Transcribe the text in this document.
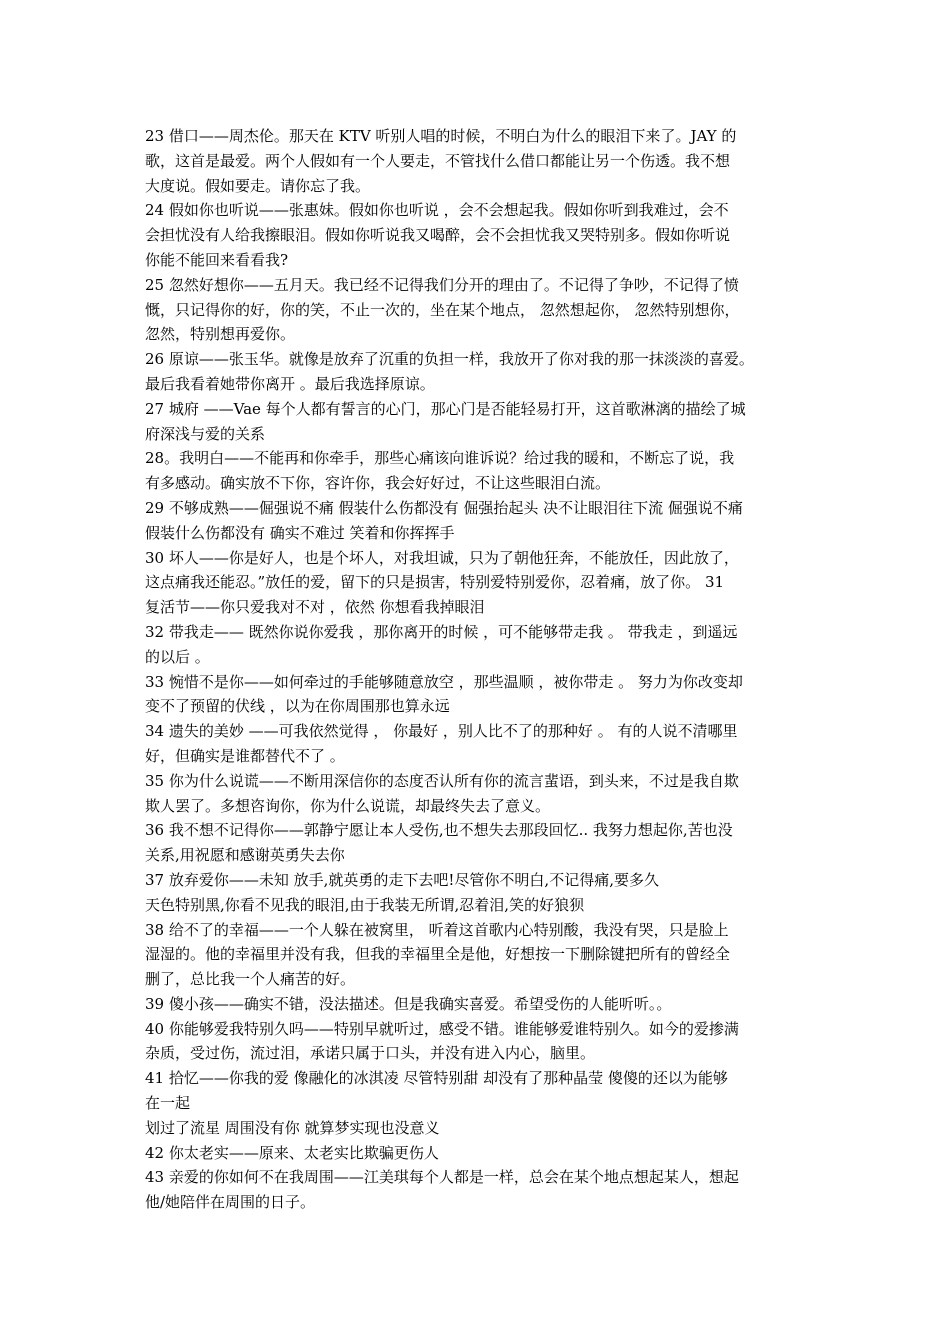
23 借口——周杰伦。那天在 KTV 听别人唱的时候，不明白为什么的眼泪下来了。JAY 的
歌，这首是最爱。两个人假如有一个人要走，不管找什么借口都能让另一个伤透。我不想
大度说。假如要走。请你忘了我。
24 假如你也听说——张惠妹。假如你也听说 ，会不会想起我。假如你听到我难过，会不
会担忧没有人给我擦眼泪。假如你听说我又喝醉，会不会担忧我又哭特别多。假如你听说
你能不能回来看看我?
25 忽然好想你——五月天。我已经不记得我们分开的理由了。不记得了争吵，不记得了愤
慨，只记得你的好，你的笑，不止一次的，坐在某个地点， 忽然想起你， 忽然特别想你，
忽然，特别想再爱你。
26 原谅——张玉华。就像是放弃了沉重的负担一样，我放开了你对我的那一抹淡淡的喜爱。
最后我看着她带你离开 。最后我选择原谅。
27 城府 ——Vae 每个人都有誓言的心门，那心门是否能轻易打开，这首歌淋漓的描绘了城
府深浅与爱的关系
28。我明白——不能再和你牵手，那些心痛该向谁诉说？给过我的暖和，不断忘了说，我
有多感动。确实放不下你，容许你，我会好好过，不让这些眼泪白流。
29 不够成熟——倔强说不痛 假装什么伤都没有 倔强抬起头 决不让眼泪往下流 倔强说不痛
假装什么伤都没有 确实不难过 笑着和你挥挥手
30 坏人——你是好人，也是个坏人，对我坦诚，只为了朝他狂奔，不能放任，因此放了，
这点痛我还能忍。”放任的爱，留下的只是损害，特别爱特别爱你，忍着痛，放了你。 31
复活节——你只爱我对不对 ，依然 你想看我掉眼泪
32 带我走—— 既然你说你爱我 ，那你离开的时候 ，可不能够带走我 。 带我走 ，到遥远
的以后 。
33 惋惜不是你——如何牵过的手能够随意放空 ，那些温顺 ，被你带走 。 努力为你改变却
变不了预留的伏线 ，以为在你周围那也算永远
34 遗失的美妙 ——可我依然觉得 ， 你最好 ，别人比不了的那种好 。 有的人说不清哪里
好，但确实是谁都替代不了 。
35 你为什么说谎——不断用深信你的态度否认所有你的流言蜚语，到头来，不过是我自欺
欺人罢了。多想咨询你，你为什么说谎，却最终失去了意义。
36 我不想不记得你——郭静宁愿让本人受伤,也不想失去那段回忆.. 我努力想起你,苦也没
关系,用祝愿和感谢英勇失去你
37 放弃爱你——未知 放手,就英勇的走下去吧!尽管你不明白,不记得痛,要多久
天色特别黑,你看不见我的眼泪,由于我装无所谓,忍着泪,笑的好狼狈
38 给不了的幸福——一个人躲在被窝里， 听着这首歌内心特别酸，我没有哭，只是脸上
湿湿的。他的幸福里并没有我，但我的幸福里全是他，好想按一下删除键把所有的曾经全
删了，总比我一个人痛苦的好。
39 傻小孩——确实不错，没法描述。但是我确实喜爱。希望受伤的人能听听。。
40 你能够爱我特别久吗——特别早就听过，感受不错。谁能够爱谁特别久。如今的爱掺满
杂质，受过伤，流过泪，承诺只属于口头，并没有进入内心，脑里。
41 拾忆——你我的爱 像融化的冰淇凌 尽管特别甜 却没有了那种晶莹 傻傻的还以为能够
在一起
划过了流星 周围没有你 就算梦实现也没意义
42 你太老实——原来、太老实比欺骗更伤人
43 亲爱的你如何不在我周围——江美琪每个人都是一样，总会在某个地点想起某人，想起
他/她陪伴在周围的日子。
